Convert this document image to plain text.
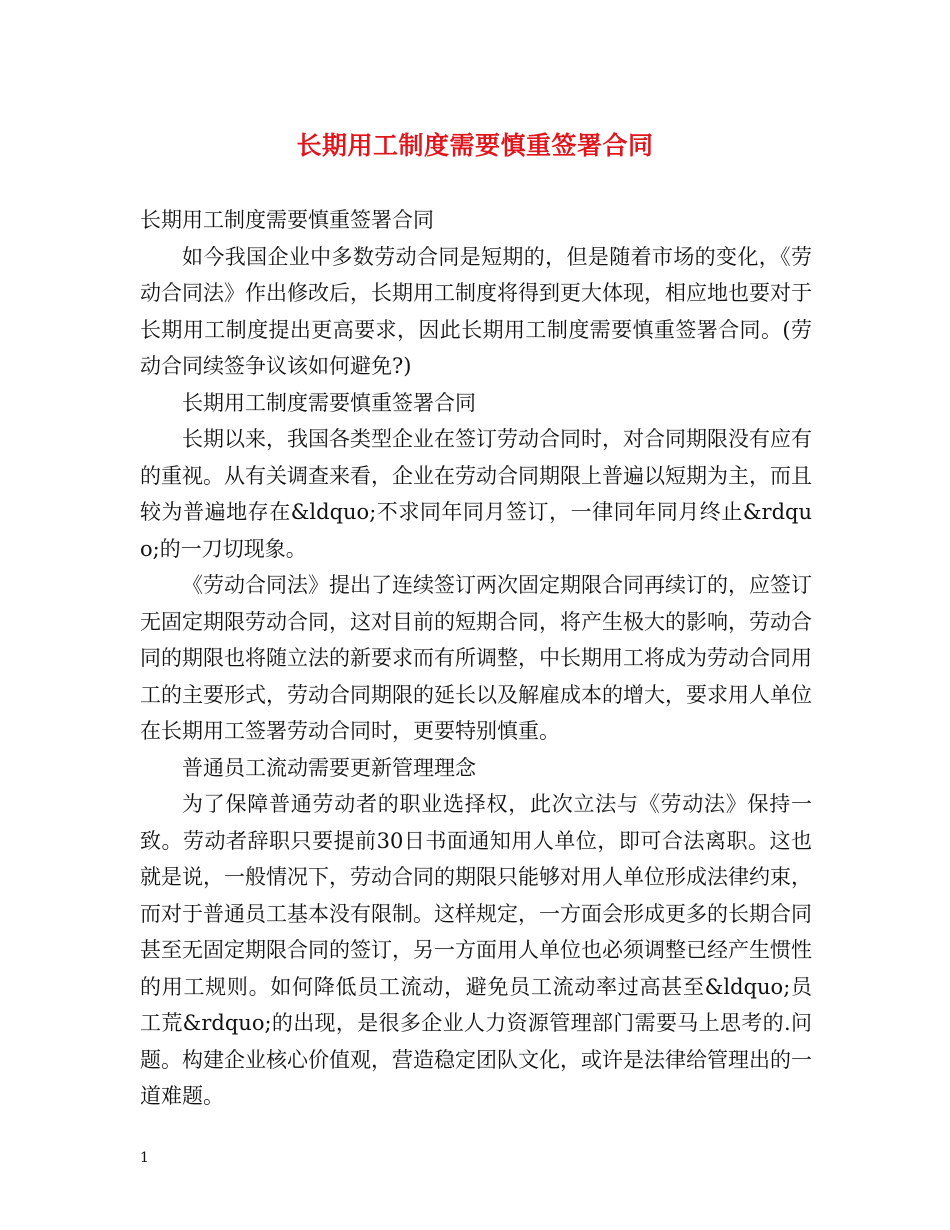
长期用工制度需要慎重签署合同

长期用工制度需要慎重签署合同

如今我国企业中多数劳动合同是短期的，但是随着市场的变化，《劳动合同法》作出修改后，长期用工制度将得到更大体现，相应地也要对于长期用工制度提出更高要求，因此长期用工制度需要慎重签署合同。(劳动合同续签争议该如何避免?)

长期用工制度需要慎重签署合同

长期以来，我国各类型企业在签订劳动合同时，对合同期限没有应有的重视。从有关调查来看，企业在劳动合同期限上普遍以短期为主，而且较为普遍地存在&ldquo;不求同年同月签订，一律同年同月终止&rdquo;的一刀切现象。

《劳动合同法》提出了连续签订两次固定期限合同再续订的，应签订无固定期限劳动合同，这对目前的短期合同，将产生极大的影响，劳动合同的期限也将随立法的新要求而有所调整，中长期用工将成为劳动合同用工的主要形式，劳动合同期限的延长以及解雇成本的增大，要求用人单位在长期用工签署劳动合同时，更要特别慎重。

普通员工流动需要更新管理理念

为了保障普通劳动者的职业选择权，此次立法与《劳动法》保持一致。劳动者辞职只要提前30日书面通知用人单位，即可合法离职。这也就是说，一般情况下，劳动合同的期限只能够对用人单位形成法律约束，而对于普通员工基本没有限制。这样规定，一方面会形成更多的长期合同甚至无固定期限合同的签订，另一方面用人单位也必须调整已经产生惯性的用工规则。如何降低员工流动，避免员工流动率过高甚至&ldquo;员工荒&rdquo;的出现，是很多企业人力资源管理部门需要马上思考的.问题。构建企业核心价值观，营造稳定团队文化，或许是法律给管理出的一道难题。

1
